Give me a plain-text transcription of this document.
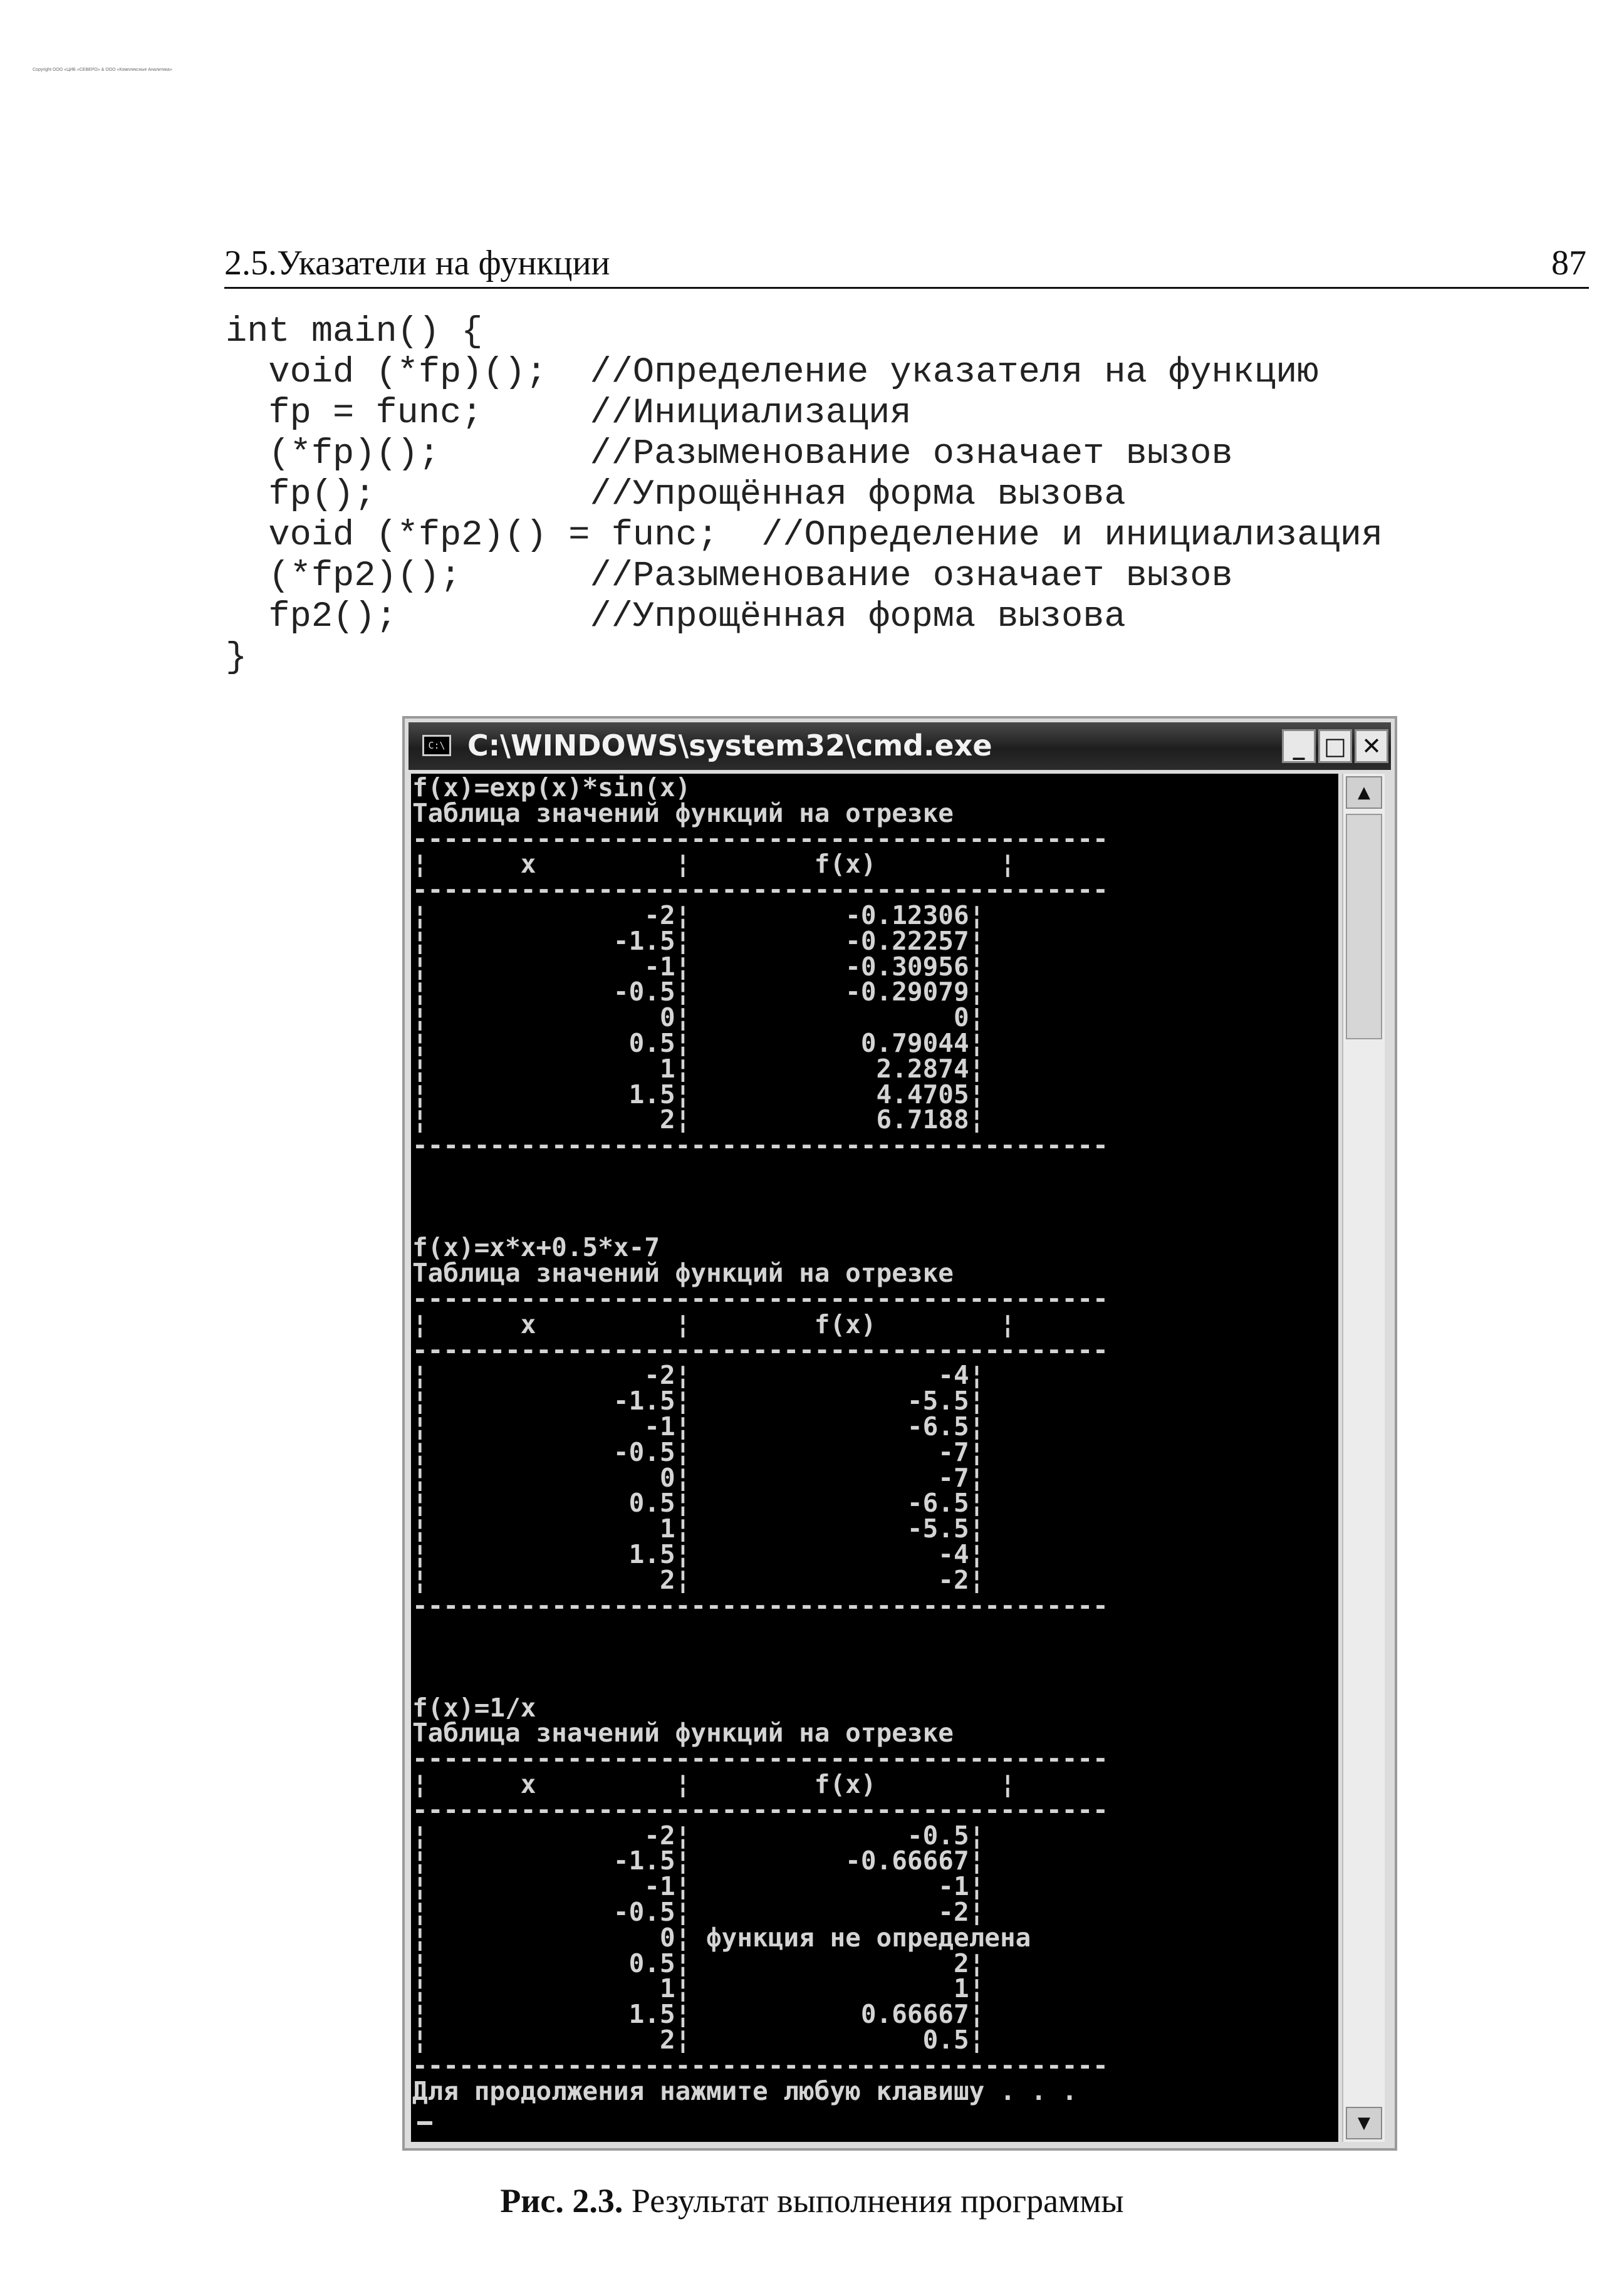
Copyright ООО «ЦИБ «СЕВЕРО» & ООО «Комплексные Аналитика»
2.5.Указатели на функции	87
int main() {
void (*fp)();  //Определение указателя на функцию
fp = func;     //Инициализация
(*fp)();       //Разыменование означает вызов
fp();          //Упрощённая форма вызова
void (*fp2)() = func;  //Определение и инициализация
(*fp2)();      //Разыменование означает вызов
fp2();         //Упрощённая форма вызова
}
C:\ C:\WINDOWS\system32\cmd.exe	_ □ ✕
f(x)=exp(x)*sin(x)
Таблица значений функций на отрезке
---------------------------------------------
¦      x         ¦        f(x)        ¦
---------------------------------------------
¦              -2¦          -0.12306¦
¦            -1.5¦          -0.22257¦
¦              -1¦          -0.30956¦
¦            -0.5¦          -0.29079¦
¦               0¦                 0¦
¦             0.5¦           0.79044¦
¦               1¦            2.2874¦
¦             1.5¦            4.4705¦
¦               2¦            6.7188¦
---------------------------------------------
f(x)=x*x+0.5*x-7
Таблица значений функций на отрезке
---------------------------------------------
¦      x         ¦        f(x)        ¦
---------------------------------------------
¦              -2¦                -4¦
¦            -1.5¦              -5.5¦
¦              -1¦              -6.5¦
¦            -0.5¦                -7¦
¦               0¦                -7¦
¦             0.5¦              -6.5¦
¦               1¦              -5.5¦
¦             1.5¦                -4¦
¦               2¦                -2¦
---------------------------------------------
f(x)=1/x
Таблица значений функций на отрезке
---------------------------------------------
¦      x         ¦        f(x)        ¦
---------------------------------------------
¦              -2¦              -0.5¦
¦            -1.5¦          -0.66667¦
¦              -1¦                -1¦
¦            -0.5¦                -2¦
¦               0¦ функция не определена
¦             0.5¦                 2¦
¦               1¦                 1¦
¦             1.5¦           0.66667¦
¦               2¦               0.5¦
---------------------------------------------
Для продолжения нажмите любую клавишу . . .
▲
▼
Рис. 2.3. Результат выполнения программы
